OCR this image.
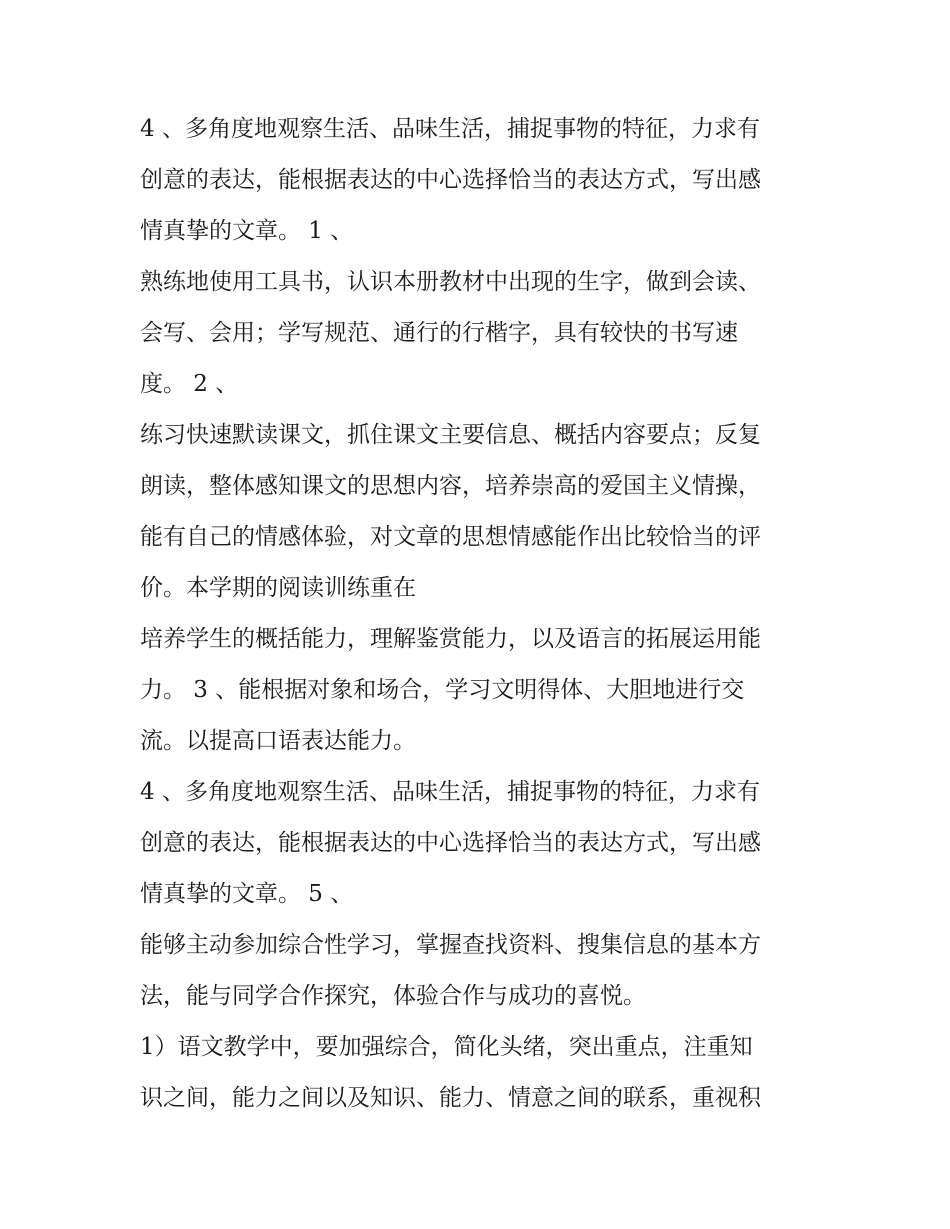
4 、多角度地观察生活、品味生活，捕捉事物的特征，力求有
创意的表达，能根据表达的中心选择恰当的表达方式，写出感
情真挚的文章。 1 、
熟练地使用工具书，认识本册教材中出现的生字，做到会读、
会写、会用；学写规范、通行的行楷字，具有较快的书写速
度。 2 、
练习快速默读课文，抓住课文主要信息、概括内容要点；反复
朗读，整体感知课文的思想内容，培养崇高的爱国主义情操，
能有自己的情感体验，对文章的思想情感能作出比较恰当的评
价。本学期的阅读训练重在
培养学生的概括能力，理解鉴赏能力，以及语言的拓展运用能
力。 3 、能根据对象和场合，学习文明得体、大胆地进行交
流。以提高口语表达能力。
4 、多角度地观察生活、品味生活，捕捉事物的特征，力求有
创意的表达，能根据表达的中心选择恰当的表达方式，写出感
情真挚的文章。 5 、
能够主动参加综合性学习，掌握查找资料、搜集信息的基本方
法，能与同学合作探究，体验合作与成功的喜悦。
1）语文教学中，要加强综合，简化头绪，突出重点，注重知
识之间，能力之间以及知识、能力、情意之间的联系，重视积
